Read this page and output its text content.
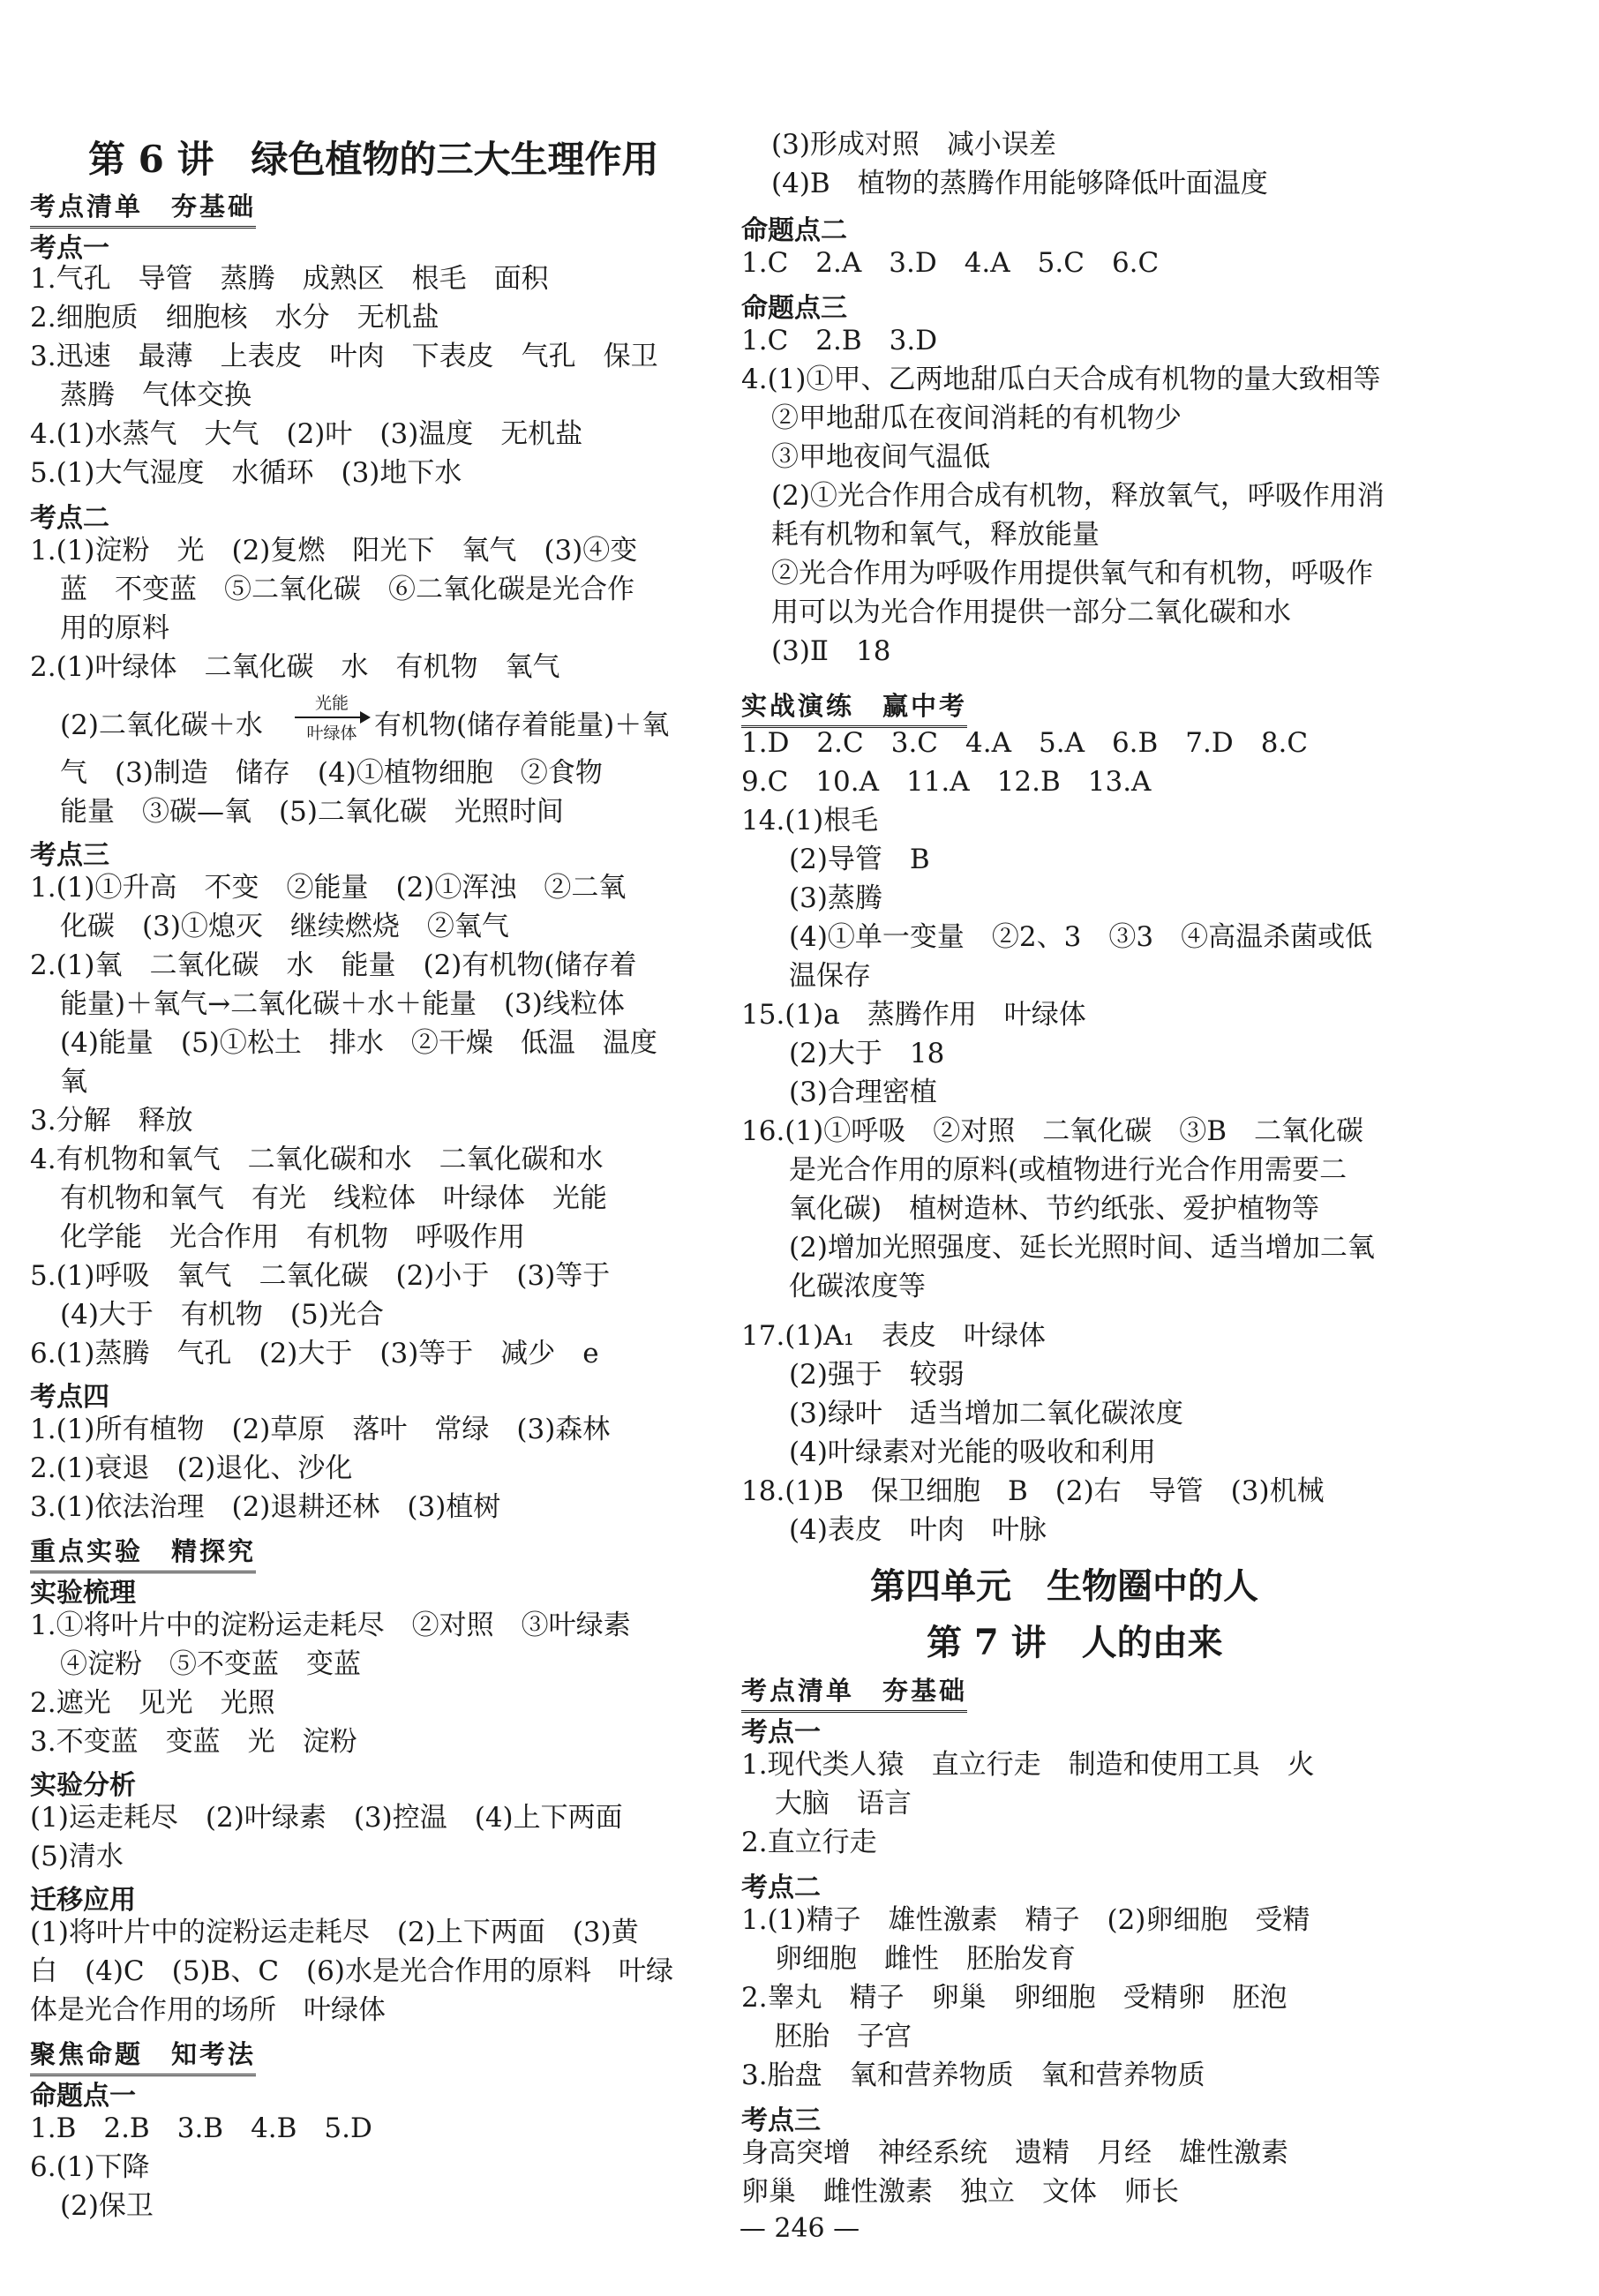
第 6 讲　绿色植物的三大生理作用
考点清单　夯基础
考点一
1.气孔　导管　蒸腾　成熟区　根毛　面积
2.细胞质　细胞核　水分　无机盐
3.迅速　最薄　上表皮　叶肉　下表皮　气孔　保卫
蒸腾　气体交换
4.(1)水蒸气　大气　(2)叶　(3)温度　无机盐
5.(1)大气湿度　水循环　(3)地下水
考点二
1.(1)淀粉　光　(2)复燃　阳光下　氧气　(3)④变
蓝　不变蓝　⑤二氧化碳　⑥二氧化碳是光合作
用的原料
2.(1)叶绿体　二氧化碳　水　有机物　氧气
(2)二氧化碳＋水
光能
叶绿体 有机物(储存着能量)＋氧
气　(3)制造　储存　(4)①植物细胞　②食物
能量　③碳—氧　(5)二氧化碳　光照时间
考点三
1.(1)①升高　不变　②能量　(2)①浑浊　②二氧
化碳　(3)①熄灭　继续燃烧　②氧气
2.(1)氧　二氧化碳　水　能量　(2)有机物(储存着
能量)＋氧气→二氧化碳＋水＋能量　(3)线粒体
(4)能量　(5)①松土　排水　②干燥　低温　温度
氧
3.分解　释放
4.有机物和氧气　二氧化碳和水　二氧化碳和水
有机物和氧气　有光　线粒体　叶绿体　光能
化学能　光合作用　有机物　呼吸作用
5.(1)呼吸　氧气　二氧化碳　(2)小于　(3)等于
(4)大于　有机物　(5)光合
6.(1)蒸腾　气孔　(2)大于　(3)等于　减少　e
考点四
1.(1)所有植物　(2)草原　落叶　常绿　(3)森林
2.(1)衰退　(2)退化、沙化
3.(1)依法治理　(2)退耕还林　(3)植树
重点实验　精探究
实验梳理
1.①将叶片中的淀粉运走耗尽　②对照　③叶绿素
④淀粉　⑤不变蓝　变蓝
2.遮光　见光　光照
3.不变蓝　变蓝　光　淀粉
实验分析
(1)运走耗尽　(2)叶绿素　(3)控温　(4)上下两面
(5)清水
迁移应用
(1)将叶片中的淀粉运走耗尽　(2)上下两面　(3)黄
白　(4)C　(5)B、C　(6)水是光合作用的原料　叶绿
体是光合作用的场所　叶绿体
聚焦命题　知考法
命题点一
1.B　2.B　3.B　4.B　5.D
6.(1)下降
(2)保卫
(3)形成对照　减小误差
(4)B　植物的蒸腾作用能够降低叶面温度
命题点二
1.C　2.A　3.D　4.A　5.C　6.C
命题点三
1.C　2.B　3.D
4.(1)①甲、乙两地甜瓜白天合成有机物的量大致相等
②甲地甜瓜在夜间消耗的有机物少
③甲地夜间气温低
(2)①光合作用合成有机物，释放氧气，呼吸作用消
耗有机物和氧气，释放能量
②光合作用为呼吸作用提供氧气和有机物，呼吸作
用可以为光合作用提供一部分二氧化碳和水
(3)Ⅱ　18
实战演练　赢中考
1.D　2.C　3.C　4.A　5.A　6.B　7.D　8.C
9.C　10.A　11.A　12.B　13.A
14.(1)根毛
(2)导管　B
(3)蒸腾
(4)①单一变量　②2、3　③3　④高温杀菌或低
温保存
15.(1)a　蒸腾作用　叶绿体
(2)大于　18
(3)合理密植
16.(1)①呼吸　②对照　二氧化碳　③B　二氧化碳
是光合作用的原料(或植物进行光合作用需要二
氧化碳)　植树造林、节约纸张、爱护植物等
(2)增加光照强度、延长光照时间、适当增加二氧
化碳浓度等
17.(1)A₁　表皮　叶绿体
(2)强于　较弱
(3)绿叶　适当增加二氧化碳浓度
(4)叶绿素对光能的吸收和利用
18.(1)B　保卫细胞　B　(2)右　导管　(3)机械
(4)表皮　叶肉　叶脉
第四单元　生物圈中的人
第 7 讲　人的由来
考点清单　夯基础
考点一
1.现代类人猿　直立行走　制造和使用工具　火
大脑　语言
2.直立行走
考点二
1.(1)精子　雄性激素　精子　(2)卵细胞　受精
卵细胞　雌性　胚胎发育
2.睾丸　精子　卵巢　卵细胞　受精卵　胚泡
胚胎　子宫
3.胎盘　氧和营养物质　氧和营养物质
考点三
身高突增　神经系统　遗精　月经　雄性激素
卵巢　雌性激素　独立　文体　师长
— 246 —
